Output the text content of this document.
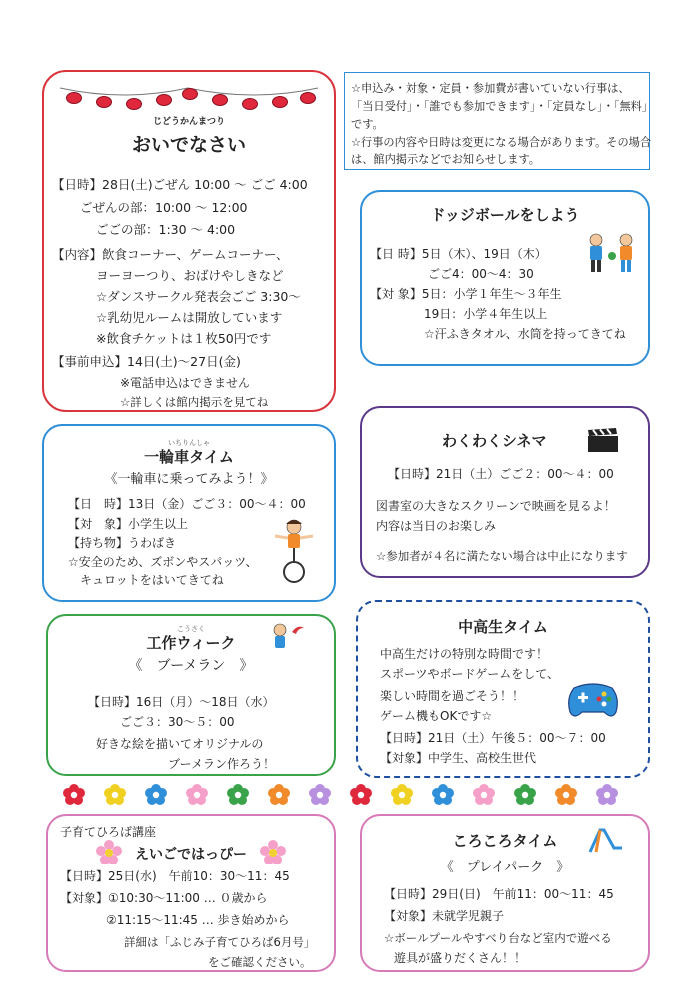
じどうかんまつり
おいでなさい
【日時】28日(土)ごぜん 10:00 ～ ごご 4:00
ごぜんの部：10:00 ～ 12:00
ごごの部：1:30 ～ 4:00
【内容】飲食コーナー、ゲームコーナー、
ヨーヨーつり、おばけやしきなど
☆ダンスサークル発表会ごご 3:30～
☆乳幼児ルームは開放しています
※飲食チケットは１枚50円です
【事前申込】14日(土)～27日(金)
※電話申込はできません
☆詳しくは館内掲示を見てね
☆申込み・対象・定員・参加費が書いていない行事は、
「当日受付」・「誰でも参加できます」・「定員なし」・「無料」
です。
☆行事の内容や日時は変更になる場合があります。その場合
は、館内掲示などでお知らせします。
ドッジボールをしよう
【日 時】5日（木）、19日（木）
ごご4：00～4：30
【対 象】5日：小学１年生～３年生
19日：小学４年生以上
☆汗ふきタオル、水筒を持ってきてね
いちりんしゃ
一輪車タイム
《一輪車に乗ってみよう！》
【日　時】13日（金）ごご３：00～４：00
【対　象】小学生以上
【持ち物】うわばき
☆安全のため、ズボンやスパッツ、
キュロットをはいてきてね
わくわくシネマ
【日時】21日（土）ごご２：00～４：00
図書室の大きなスクリーンで映画を見るよ！
内容は当日のお楽しみ
☆参加者が４名に満たない場合は中止になります
こうさく
工作ウィーク
《　ブーメラン　》
【日時】16日（月）～18日（水）
ごご３：30～５：00
好きな絵を描いてオリジナルの
ブーメラン作ろう！
中高生タイム
中高生だけの特別な時間です！
スポーツやボードゲームをして、
楽しい時間を過ごそう！！
ゲーム機もOKです☆
【日時】21日（土）午後５：00～７：00
【対象】中学生、高校生世代
子育てひろば講座
えいごではっぴー
【日時】25日(水)　午前10：30～11：45
【対象】①10:30～11:00 … ０歳から
②11:15～11:45 … 歩き始めから
詳細は「ふじみ子育てひろば6月号」
をご確認ください。
ころころタイム
《　プレイパーク　》
【日時】29日(日)　午前11：00～11：45
【対象】未就学児親子
☆ボールプールやすべり台など室内で遊べる
遊具が盛りだくさん！！
